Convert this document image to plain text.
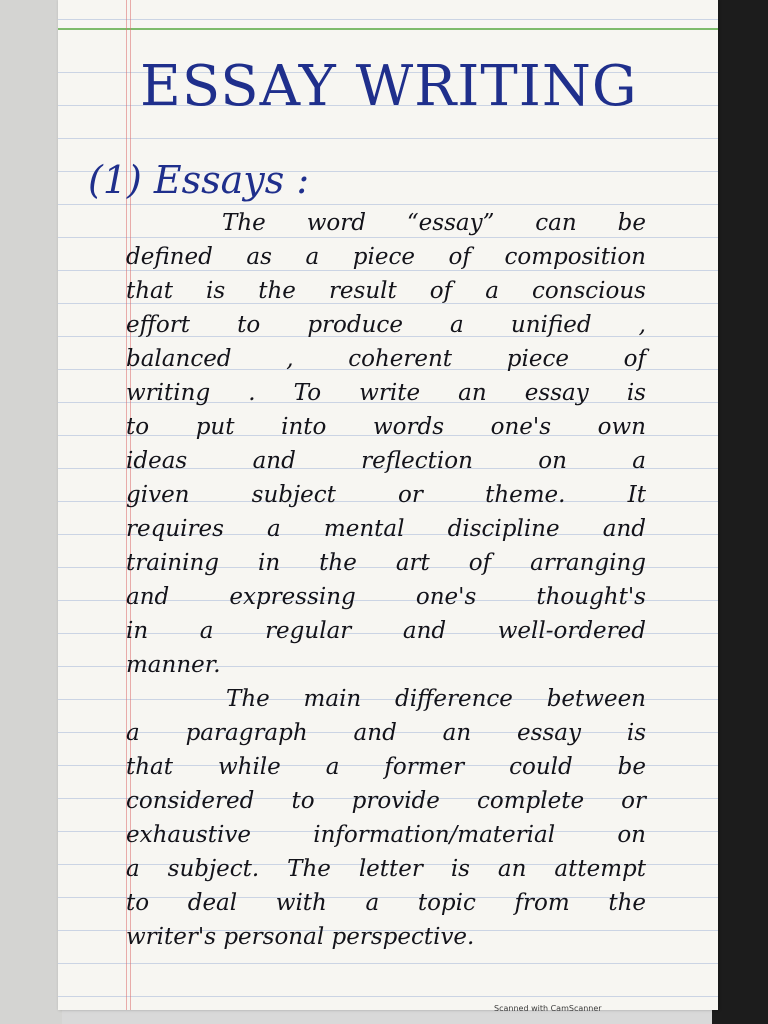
ESSAY WRITING
(1) Essays :
The word “essay” can be
defined as a piece of composition
that is the result of a conscious
effort to produce a unified ,
balanced , coherent piece of
writing . To write an essay is
to put into words one's own
ideas and reflection on a
given subject or theme. It
requires a mental discipline and
training in the art of arranging
and expressing one's thought's
in a regular and well-ordered
manner.
The main difference between
a paragraph and an essay is
that while a former could be
considered to provide complete or
exhaustive information/material on
a subject. The letter is an attempt
to deal with a topic from the
writer's personal perspective.
Scanned with CamScanner
